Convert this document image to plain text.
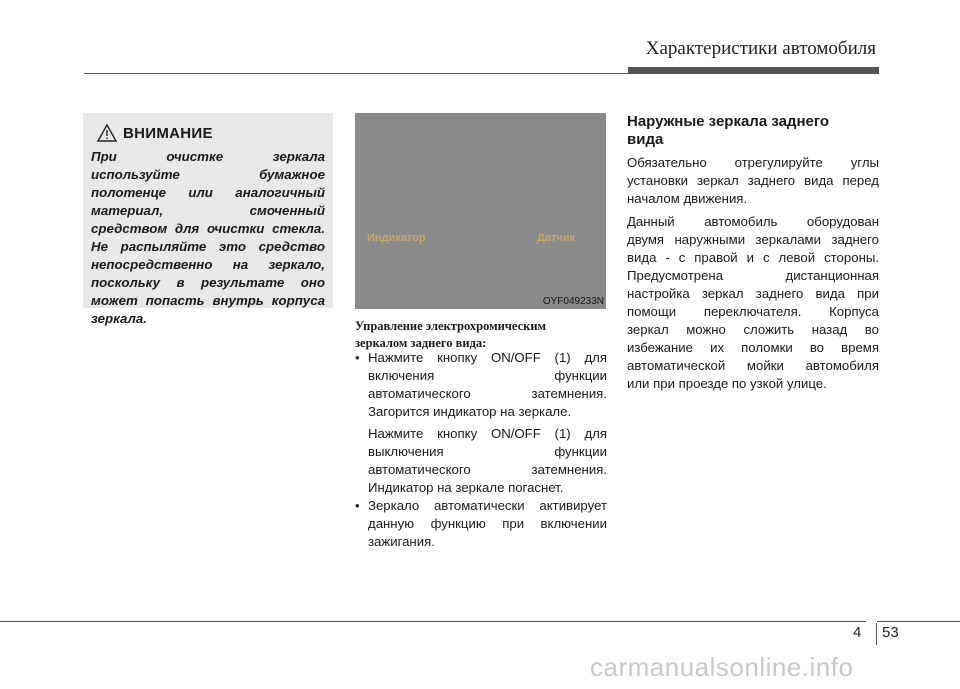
Характеристики автомобиля
ВНИМАНИЕ
При очистке зеркала
используйте бумажное
полотенце или аналогичный
материал, смоченный
средством для очистки стекла.
Не распыляйте это средство
непосредственно на зеркало,
поскольку в результате оно
может попасть внутрь корпуса
зеркала.
Индикатор	Датчик
OYF049233N
Управление электрохромическим
зеркалом заднего вида:
• Нажмите кнопку ON/OFF (1) для
включения функции
автоматического затемнения.
Загорится индикатор на зеркале.
Нажмите кнопку ON/OFF (1) для
выключения функции
автоматического затемнения.
Индикатор на зеркале погаснет.
• Зеркало автоматически активирует
данную функцию при включении
зажигания.
Наружные зеркала заднего
вида
Обязательно отрегулируйте углы
установки зеркал заднего вида перед
началом движения.
Данный автомобиль оборудован
двумя наружными зеркалами заднего
вида - с правой и с левой стороны.
Предусмотрена дистанционная
настройка зеркал заднего вида при
помощи переключателя. Корпуса
зеркал можно сложить назад во
избежание их поломки во время
автоматической мойки автомобиля
или при проезде по узкой улице.
4 53
carmanualsonline.info
